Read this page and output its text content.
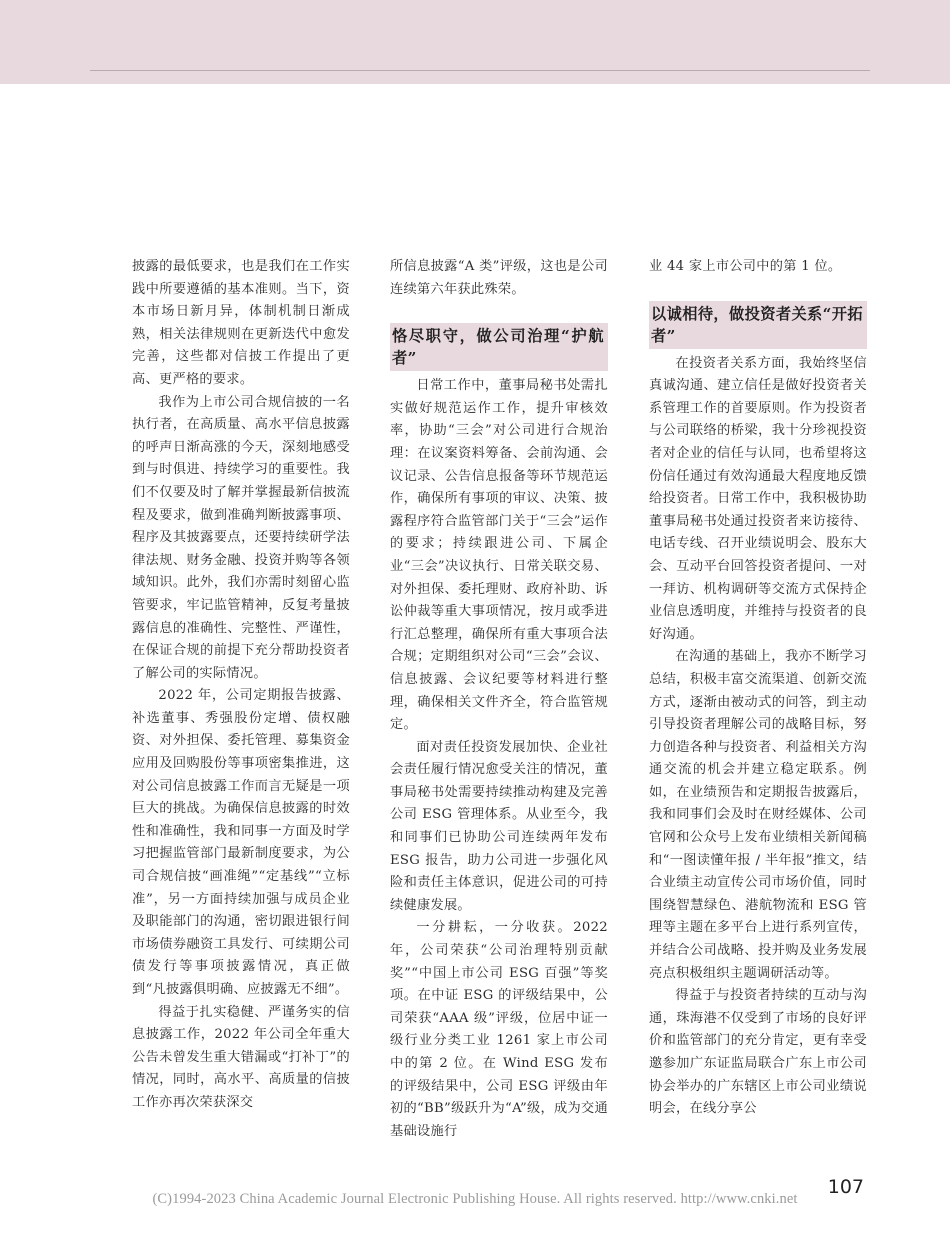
披露的最低要求，也是我们在工作实践中所要遵循的基本准则。当下，资本市场日新月异，体制机制日渐成熟，相关法律规则在更新迭代中愈发完善，这些都对信披工作提出了更高、更严格的要求。

我作为上市公司合规信披的一名执行者，在高质量、高水平信息披露的呼声日渐高涨的今天，深刻地感受到与时俱进、持续学习的重要性。我们不仅要及时了解并掌握最新信披流程及要求，做到准确判断披露事项、程序及其披露要点，还要持续研学法律法规、财务金融、投资并购等各领域知识。此外，我们亦需时刻留心监管要求，牢记监管精神，反复考量披露信息的准确性、完整性、严谨性，在保证合规的前提下充分帮助投资者了解公司的实际情况。

2022 年，公司定期报告披露、补选董事、秀强股份定增、债权融资、对外担保、委托管理、募集资金应用及回购股份等事项密集推进，这对公司信息披露工作而言无疑是一项巨大的挑战。为确保信息披露的时效性和准确性，我和同事一方面及时学习把握监管部门最新制度要求，为公司合规信披“画准绳”“定基线”“立标准”，另一方面持续加强与成员企业及职能部门的沟通，密切跟进银行间市场债券融资工具发行、可续期公司债发行等事项披露情况，真正做到“凡披露俱明确、应披露无不细”。

得益于扎实稳健、严谨务实的信息披露工作，2022 年公司全年重大公告未曾发生重大错漏或“打补丁”的情况，同时，高水平、高质量的信披工作亦再次荣获深交

所信息披露“A 类”评级，这也是公司连续第六年获此殊荣。

恪尽职守，做公司治理“护航者”

日常工作中，董事局秘书处需扎实做好规范运作工作，提升审核效率，协助“三会”对公司进行合规治理：在议案资料筹备、会前沟通、会议记录、公告信息报备等环节规范运作，确保所有事项的审议、决策、披露程序符合监管部门关于“三会”运作的要求；持续跟进公司、下属企业“三会”决议执行、日常关联交易、对外担保、委托理财、政府补助、诉讼仲裁等重大事项情况，按月或季进行汇总整理，确保所有重大事项合法合规；定期组织对公司“三会”会议、信息披露、会议纪要等材料进行整理，确保相关文件齐全，符合监管规定。

面对责任投资发展加快、企业社会责任履行情况愈受关注的情况，董事局秘书处需要持续推动构建及完善公司 ESG 管理体系。从业至今，我和同事们已协助公司连续两年发布 ESG 报告，助力公司进一步强化风险和责任主体意识，促进公司的可持续健康发展。

一分耕耘，一分收获。2022 年，公司荣获“公司治理特别贡献奖”“中国上市公司 ESG 百强”等奖项。在中证 ESG 的评级结果中，公司荣获“AAA 级”评级，位居中证一级行业分类工业 1261 家上市公司中的第 2 位。在 Wind ESG 发布的评级结果中，公司 ESG 评级由年初的“BB”级跃升为“A”级，成为交通基础设施行

业 44 家上市公司中的第 1 位。

以诚相待，做投资者关系“开拓者”

在投资者关系方面，我始终坚信真诚沟通、建立信任是做好投资者关系管理工作的首要原则。作为投资者与公司联络的桥梁，我十分珍视投资者对企业的信任与认同，也希望将这份信任通过有效沟通最大程度地反馈给投资者。日常工作中，我积极协助董事局秘书处通过投资者来访接待、电话专线、召开业绩说明会、股东大会、互动平台回答投资者提问、一对一拜访、机构调研等交流方式保持企业信息透明度，并维持与投资者的良好沟通。

在沟通的基础上，我亦不断学习总结，积极丰富交流渠道、创新交流方式，逐渐由被动式的问答，到主动引导投资者理解公司的战略目标，努力创造各种与投资者、利益相关方沟通交流的机会并建立稳定联系。例如，在业绩预告和定期报告披露后，我和同事们会及时在财经媒体、公司官网和公众号上发布业绩相关新闻稿和“一图读懂年报 / 半年报”推文，结合业绩主动宣传公司市场价值，同时围绕智慧绿色、港航物流和 ESG 管理等主题在多平台上进行系列宣传，并结合公司战略、投并购及业务发展亮点积极组织主题调研活动等。

得益于与投资者持续的互动与沟通，珠海港不仅受到了市场的良好评价和监管部门的充分肯定，更有幸受邀参加广东证监局联合广东上市公司协会举办的广东辖区上市公司业绩说明会，在线分享公

107
(C)1994-2023 China Academic Journal Electronic Publishing House. All rights reserved. http://www.cnki.net
